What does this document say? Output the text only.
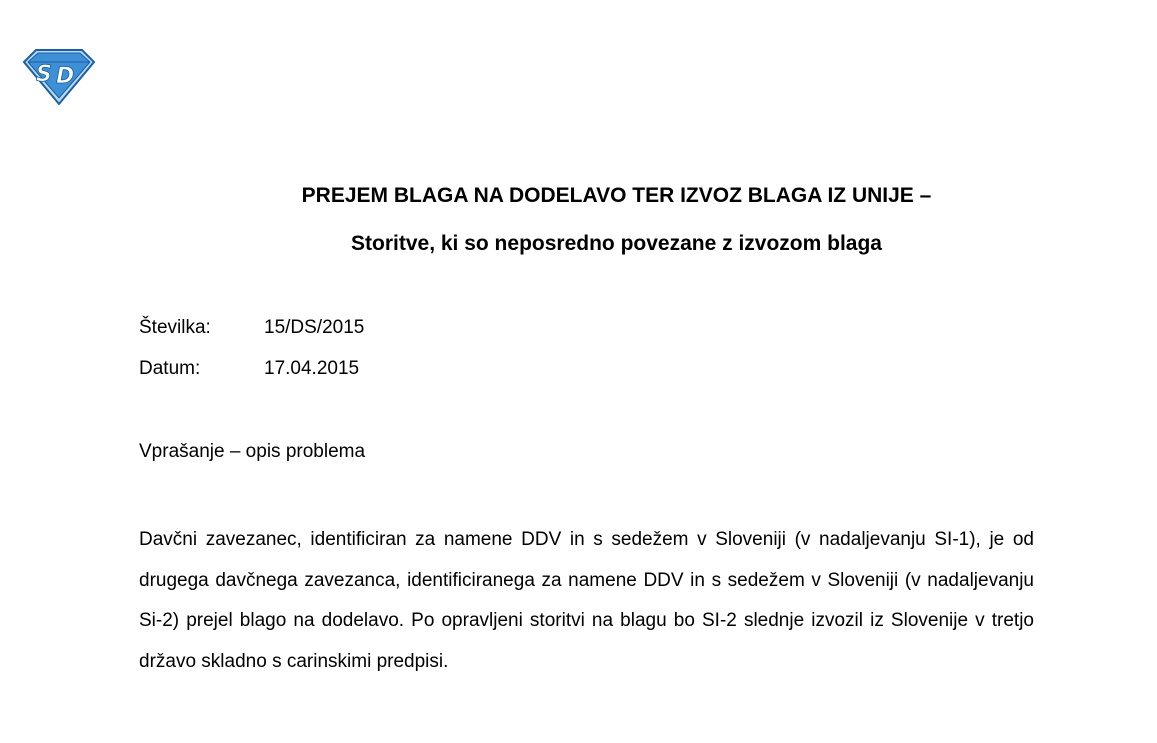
S D
PREJEM BLAGA NA DODELAVO TER IZVOZ BLAGA IZ UNIJE –
Storitve, ki so neposredno povezane z izvozom blaga
Številka:	15/DS/2015
Datum:	17.04.2015
Vprašanje – opis problema

Davčni zavezanec, identificiran za namene DDV in s sedežem v Sloveniji (v nadaljevanju SI-1), je od drugega davčnega zavezanca, identificiranega za namene DDV in s sedežem v Sloveniji (v nadaljevanju Si-2) prejel blago na dodelavo. Po opravljeni storitvi na blagu bo SI-2 slednje izvozil iz Slovenije v tretjo državo skladno s carinskimi predpisi.
